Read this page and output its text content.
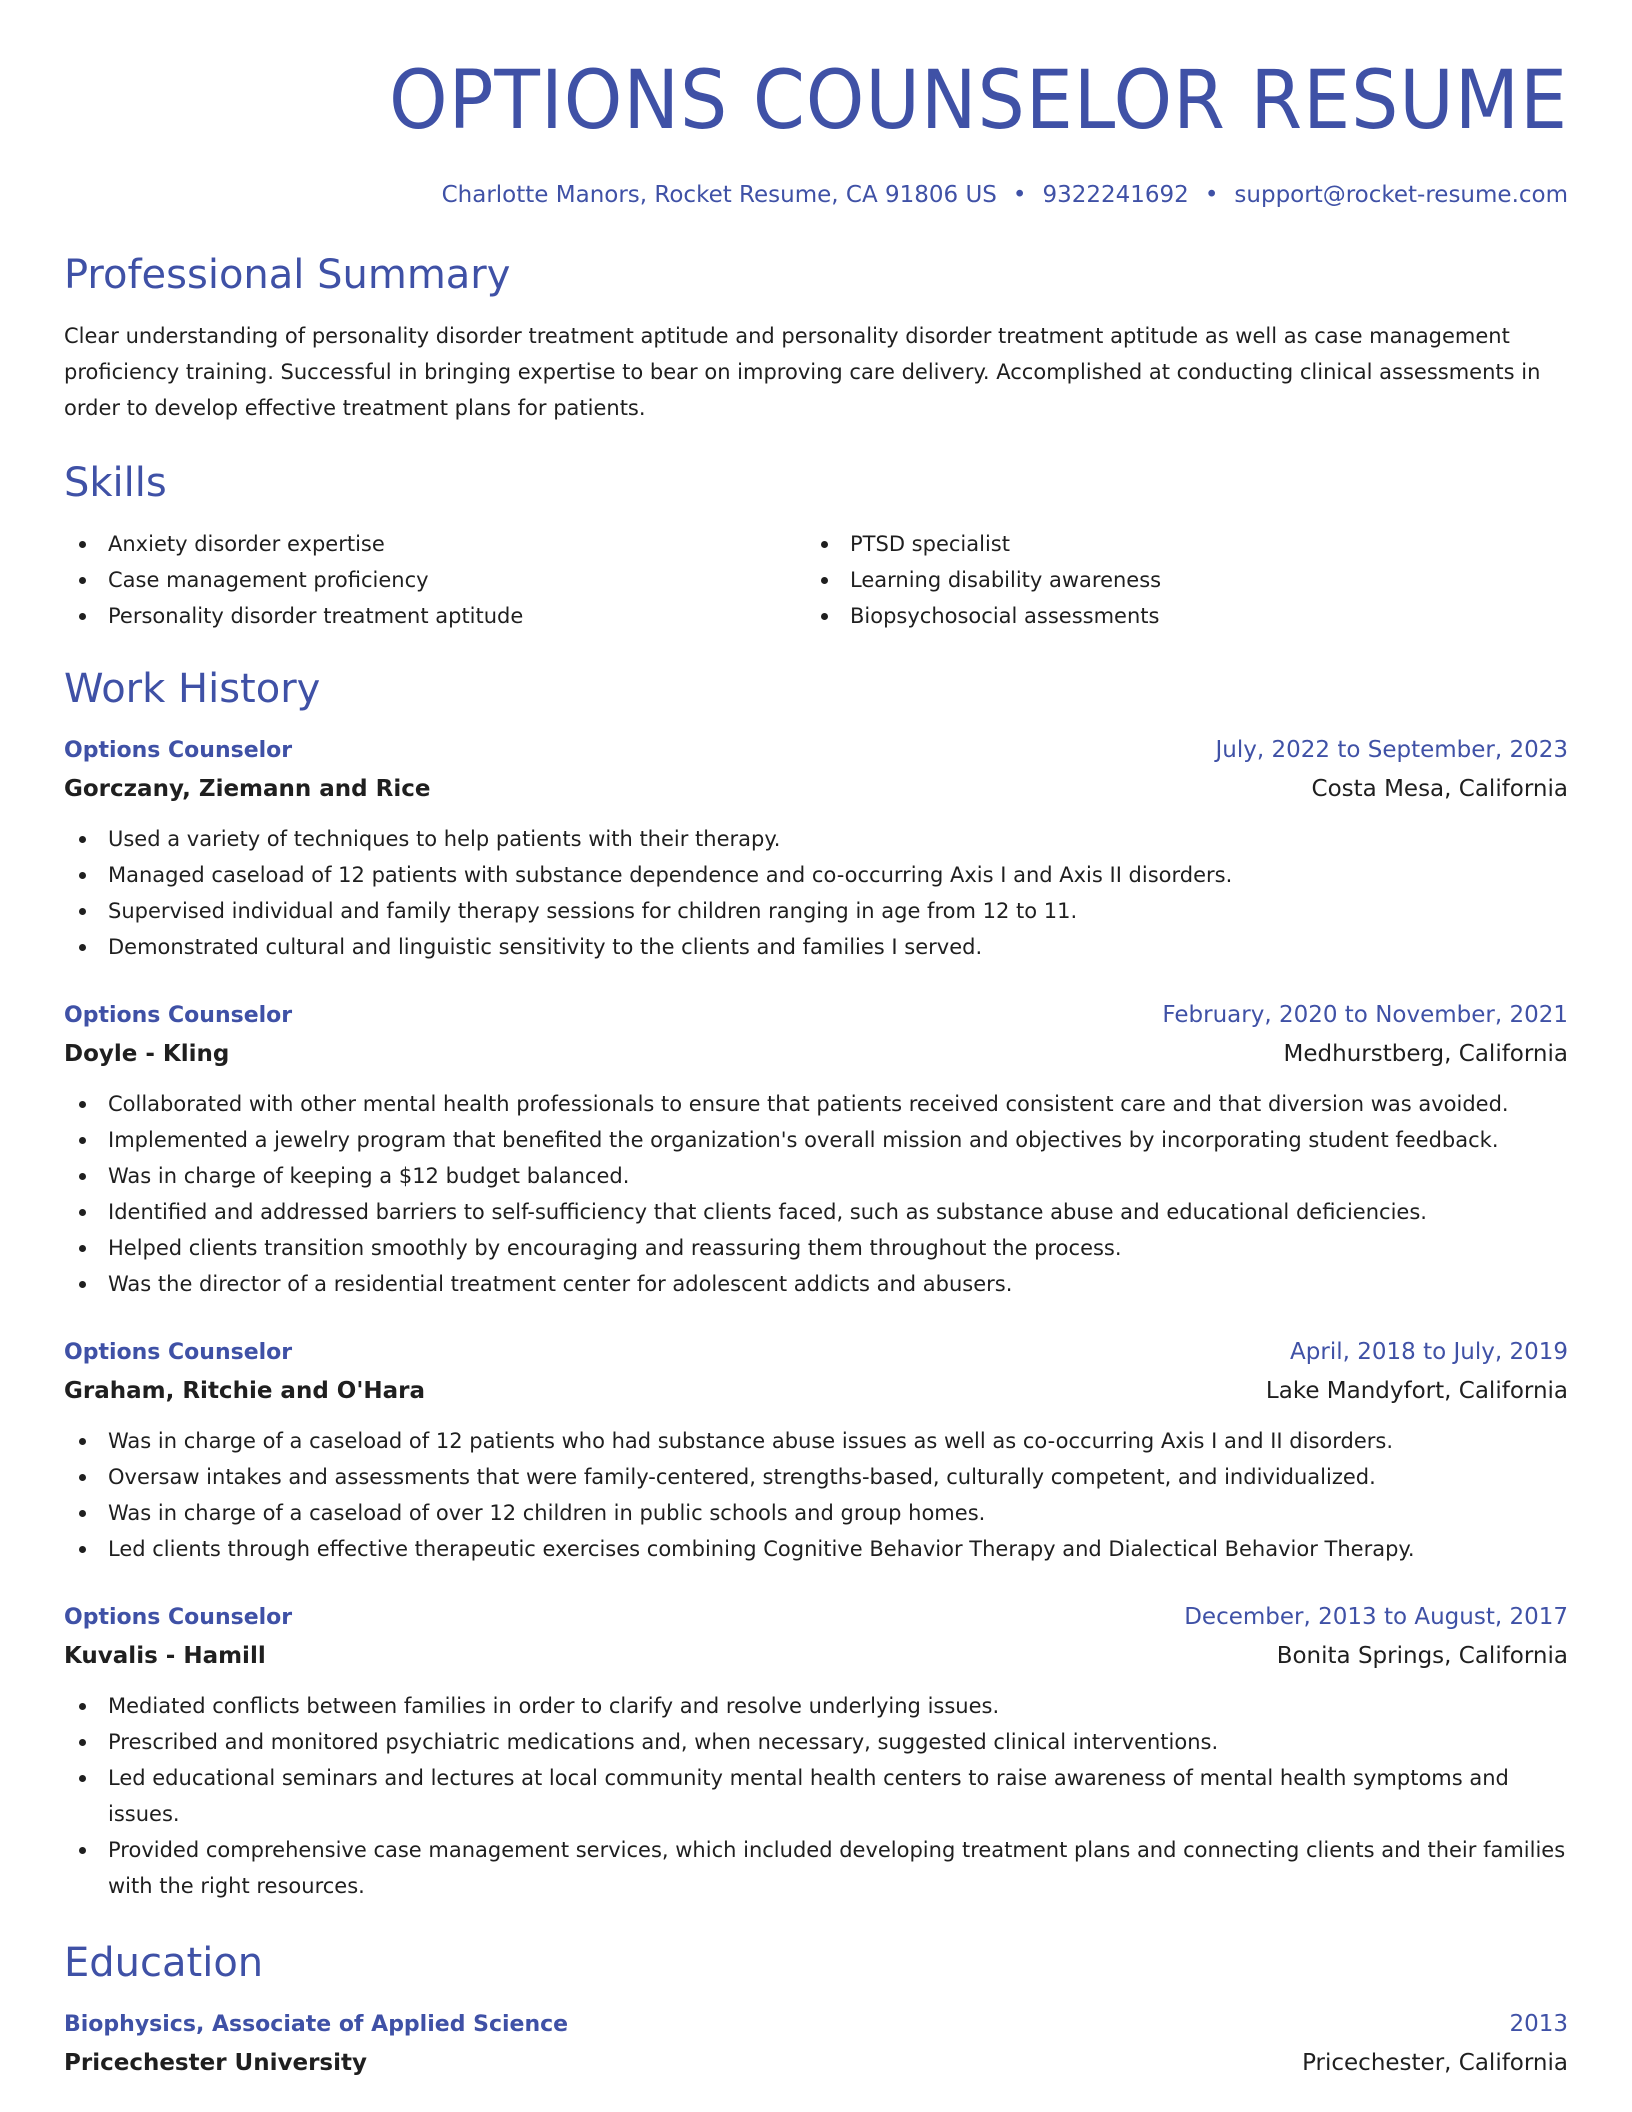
OPTIONS COUNSELOR RESUME
Charlotte Manors, Rocket Resume, CA 91806 US • 9322241692 • support@rocket-resume.com
Professional Summary
Clear understanding of personality disorder treatment aptitude and personality disorder treatment aptitude as well as case management proficiency training. Successful in bringing expertise to bear on improving care delivery. Accomplished at conducting clinical assessments in order to develop effective treatment plans for patients.
Skills
Anxiety disorder expertise
Case management proficiency
Personality disorder treatment aptitude
PTSD specialist
Learning disability awareness
Biopsychosocial assessments
Work History
Options Counselor	July, 2022 to September, 2023
Gorczany, Ziemann and Rice	Costa Mesa, California
Used a variety of techniques to help patients with their therapy.
Managed caseload of 12 patients with substance dependence and co-occurring Axis I and Axis II disorders.
Supervised individual and family therapy sessions for children ranging in age from 12 to 11.
Demonstrated cultural and linguistic sensitivity to the clients and families I served.
Options Counselor	February, 2020 to November, 2021
Doyle - Kling	Medhurstberg, California
Collaborated with other mental health professionals to ensure that patients received consistent care and that diversion was avoided.
Implemented a jewelry program that benefited the organization's overall mission and objectives by incorporating student feedback.
Was in charge of keeping a $12 budget balanced.
Identified and addressed barriers to self-sufficiency that clients faced, such as substance abuse and educational deficiencies.
Helped clients transition smoothly by encouraging and reassuring them throughout the process.
Was the director of a residential treatment center for adolescent addicts and abusers.
Options Counselor	April, 2018 to July, 2019
Graham, Ritchie and O'Hara	Lake Mandyfort, California
Was in charge of a caseload of 12 patients who had substance abuse issues as well as co-occurring Axis I and II disorders.
Oversaw intakes and assessments that were family-centered, strengths-based, culturally competent, and individualized.
Was in charge of a caseload of over 12 children in public schools and group homes.
Led clients through effective therapeutic exercises combining Cognitive Behavior Therapy and Dialectical Behavior Therapy.
Options Counselor	December, 2013 to August, 2017
Kuvalis - Hamill	Bonita Springs, California
Mediated conflicts between families in order to clarify and resolve underlying issues.
Prescribed and monitored psychiatric medications and, when necessary, suggested clinical interventions.
Led educational seminars and lectures at local community mental health centers to raise awareness of mental health symptoms and issues.
Provided comprehensive case management services, which included developing treatment plans and connecting clients and their families with the right resources.
Education
Biophysics, Associate of Applied Science	2013
Pricechester University	Pricechester, California
